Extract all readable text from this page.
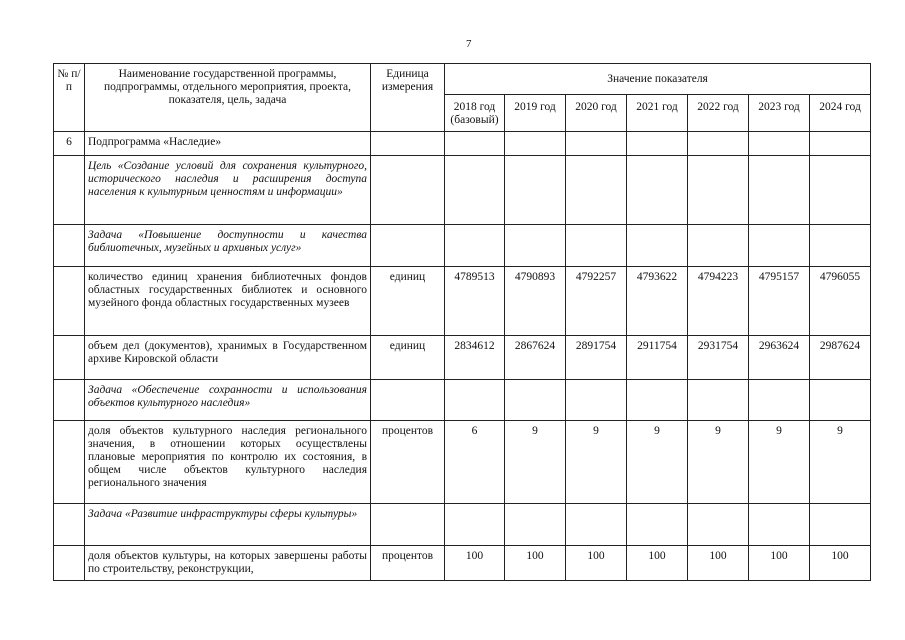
7
№ п/п	Наименование государственной программы, подпрограммы, отдельного мероприятия, проекта, показателя, цель, задача	Единица измерения	Значение показателя						
			2018 год (базовый)	2019 год	2020 год	2021 год	2022 год	2023 год	2024 год
6	Подпрограмма «Наследие»								
	Цель «Создание условий для сохранения культурного, исторического наследия и расширения доступа населения к культурным ценностям и информации»								
	Задача «Повышение доступности и качества библиотечных, музейных и архивных услуг»								
	количество единиц хранения библиотечных фондов областных государственных библиотек и основного музейного фонда областных государственных музеев	единиц	4789513	4790893	4792257	4793622	4794223	4795157	4796055
	объем дел (документов), хранимых в Государственном архиве Кировской области	единиц	2834612	2867624	2891754	2911754	2931754	2963624	2987624
	Задача «Обеспечение сохранности и использования объектов культурного наследия»								
	доля объектов культурного наследия регионального значения, в отношении которых осуществлены плановые мероприятия по контролю их состояния, в общем числе объектов культурного наследия регионального значения	процентов	6	9	9	9	9	9	9
	Задача «Развитие инфраструктуры сферы культуры»								
	доля объектов культуры, на которых завершены работы по строительству, реконструкции,	процентов	100	100	100	100	100	100	100
